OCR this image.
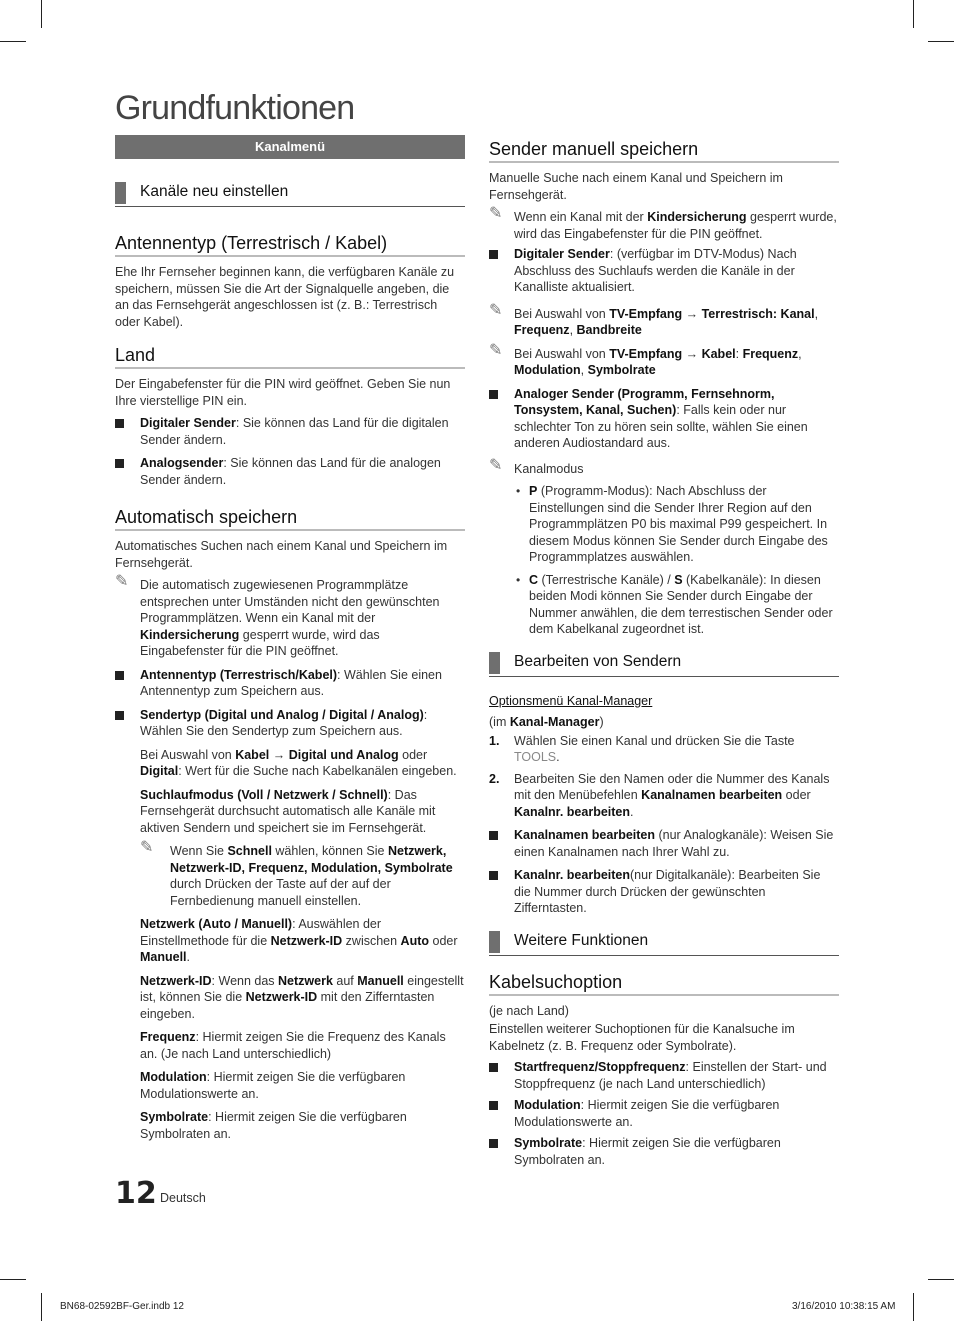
Grundfunktionen
Kanalmenü
Kanäle neu einstellen
Antennentyp (Terrestrisch / Kabel)

Ehe Ihr Fernseher beginnen kann, die verfügbaren Kanäle zu speichern, müssen Sie die Art der Signalquelle angeben, die an das Fernsehgerät angeschlossen ist (z. B.: Terrestrisch oder Kabel).

Land

Der Eingabefenster für die PIN wird geöffnet. Geben Sie nun Ihre vierstellige PIN ein.

Digitaler Sender: Sie können das Land für die digitalen Sender ändern.
Analogsender: Sie können das Land für die analogen Sender ändern.
Automatisch speichern

Automatisches Suchen nach einem Kanal und Speichern im Fernsehgerät.

✎ Die automatisch zugewiesenen Programmplätze entsprechen unter Umständen nicht den gewünschten Programmplätzen. Wenn ein Kanal mit der Kindersicherung gesperrt wurde, wird das Eingabefenster für die PIN geöffnet.
Antennentyp (Terrestrisch/Kabel): Wählen Sie einen Antennentyp zum Speichern aus.
Sendertyp (Digital und Analog / Digital / Analog): Wählen Sie den Sendertyp zum Speichern aus.

Bei Auswahl von Kabel → Digital und Analog oder Digital: Wert für die Suche nach Kabelkanälen eingeben.

Suchlaufmodus (Voll / Netzwerk / Schnell): Das Fernsehgerät durchsucht automatisch alle Kanäle mit aktiven Sendern und speichert sie im Fernsehgerät.

✎ Wenn Sie Schnell wählen, können Sie Netzwerk, Netzwerk-ID, Frequenz, Modulation, Symbolrate durch Drücken der Taste auf der auf der Fernbedienung manuell einstellen.

Netzwerk (Auto / Manuell): Auswählen der Einstellmethode für die Netzwerk-ID zwischen Auto oder Manuell.

Netzwerk-ID: Wenn das Netzwerk auf Manuell eingestellt ist, können Sie die Netzwerk-ID mit den Zifferntasten eingeben.

Frequenz: Hiermit zeigen Sie die Frequenz des Kanals an. (Je nach Land unterschiedlich)

Modulation: Hiermit zeigen Sie die verfügbaren Modulationswerte an.

Symbolrate: Hiermit zeigen Sie die verfügbaren Symbolraten an.

Sender manuell speichern

Manuelle Suche nach einem Kanal und Speichern im Fernsehgerät.

✎ Wenn ein Kanal mit der Kindersicherung gesperrt wurde, wird das Eingabefenster für die PIN geöffnet.
Digitaler Sender: (verfügbar im DTV-Modus) Nach Abschluss des Suchlaufs werden die Kanäle in der Kanalliste aktualisiert.
✎ Bei Auswahl von TV-Empfang → Terrestrisch: Kanal, Frequenz, Bandbreite
✎ Bei Auswahl von TV-Empfang → Kabel: Frequenz, Modulation, Symbolrate
Analoger Sender (Programm, Fernsehnorm, Tonsystem, Kanal, Suchen): Falls kein oder nur schlechter Ton zu hören sein sollte, wählen Sie einen anderen Audiostandard aus.
✎ Kanalmodus
• P (Programm-Modus): Nach Abschluss der Einstellungen sind die Sender Ihrer Region auf den Programmplätzen P0 bis maximal P99 gespeichert. In diesem Modus können Sie Sender durch Eingabe des Programmplatzes auswählen.
• C (Terrestrische Kanäle) / S (Kabelkanäle): In diesen beiden Modi können Sie Sender durch Eingabe der Nummer anwählen, die dem terrestischen Sender oder dem Kabelkanal zugeordnet ist.
Bearbeiten von Sendern

Optionsmenü Kanal-Manager

(im Kanal-Manager)

1. Wählen Sie einen Kanal und drücken Sie die Taste TOOLS.
2. Bearbeiten Sie den Namen oder die Nummer des Kanals mit den Menübefehlen Kanalnamen bearbeiten oder Kanalnr. bearbeiten.
Kanalnamen bearbeiten (nur Analogkanäle): Weisen Sie einen Kanalnamen nach Ihrer Wahl zu.
Kanalnr. bearbeiten(nur Digitalkanäle): Bearbeiten Sie die Nummer durch Drücken der gewünschten Zifferntasten.
Weitere Funktionen
Kabelsuchoption

(je nach Land)

Einstellen weiterer Suchoptionen für die Kanalsuche im Kabelnetz (z. B. Frequenz oder Symbolrate).

Startfrequenz/Stoppfrequenz: Einstellen der Start- und Stoppfrequenz (je nach Land unterschiedlich)
Modulation: Hiermit zeigen Sie die verfügbaren Modulationswerte an.
Symbolrate: Hiermit zeigen Sie die verfügbaren Symbolraten an.
12 Deutsch
BN68-02592BF-Ger.indb 12	3/16/2010 10:38:15 AM
